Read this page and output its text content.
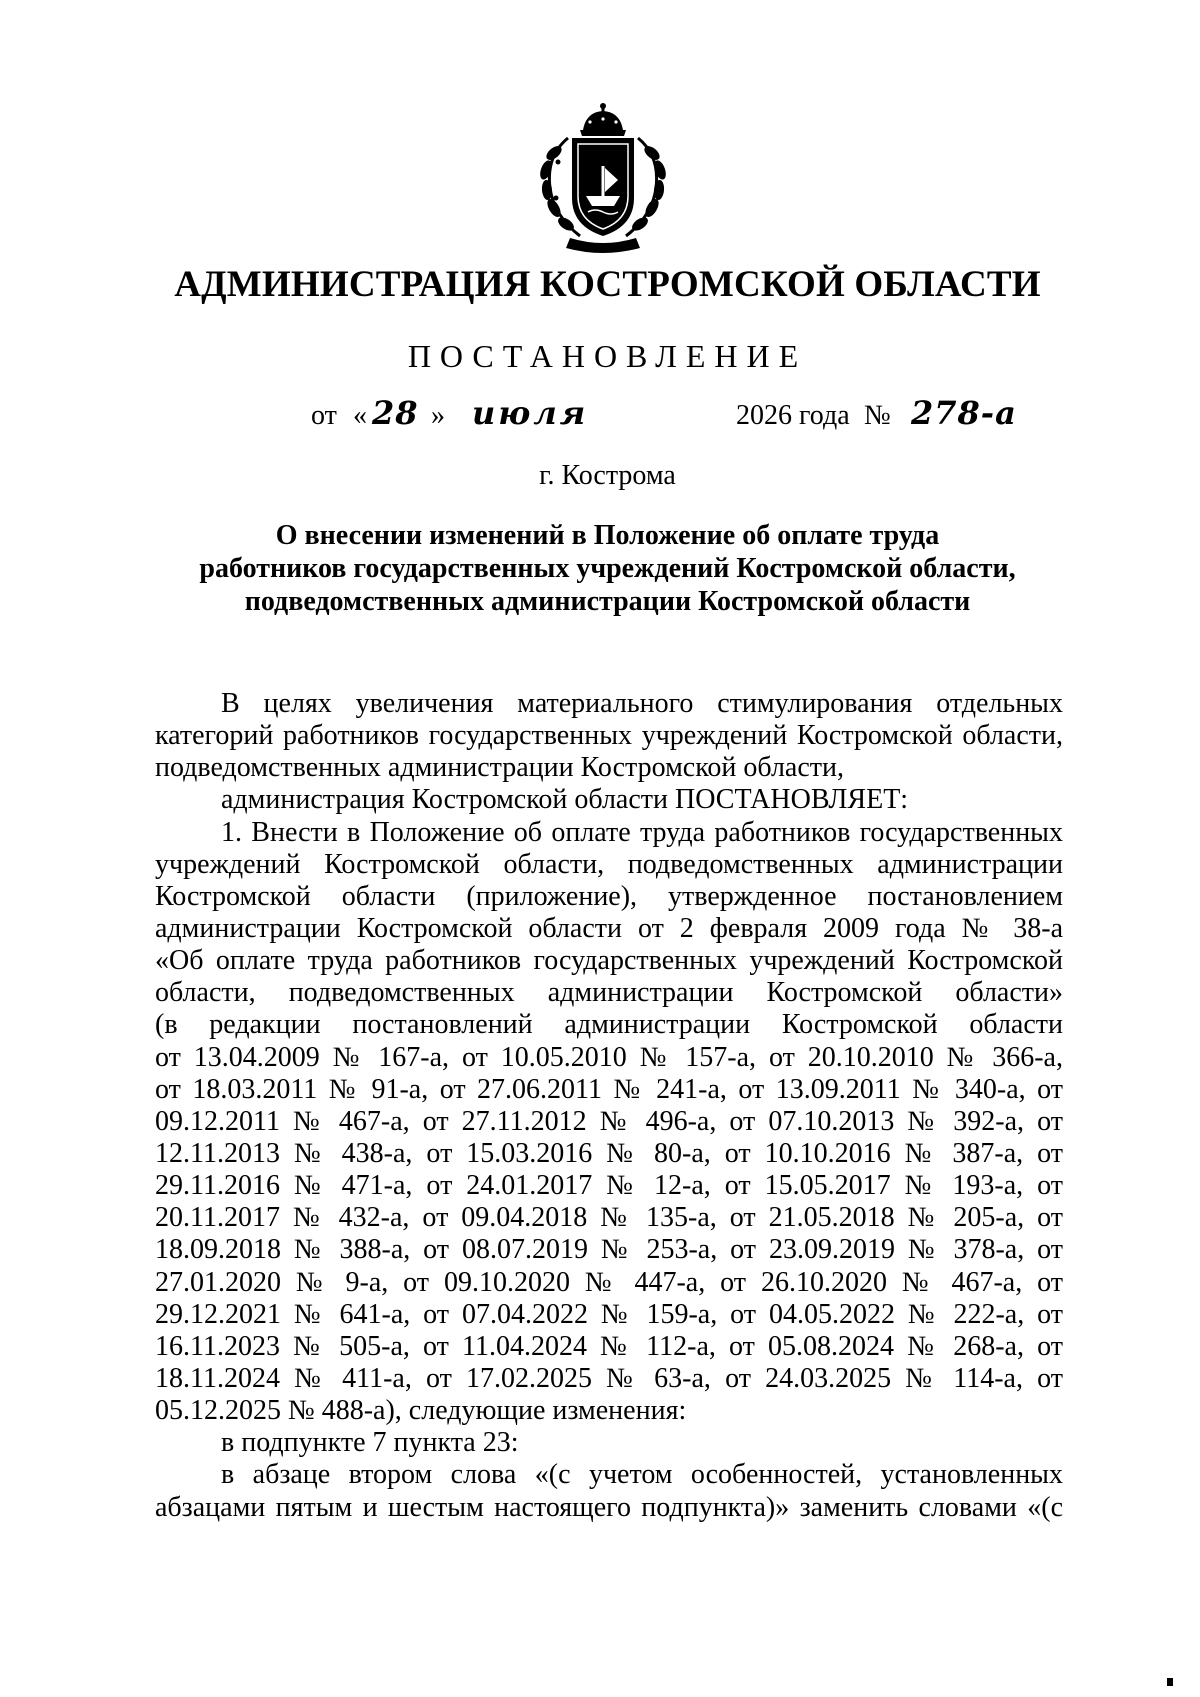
АДМИНИСТРАЦИЯ КОСТРОМСКОЙ ОБЛАСТИ
ПОСТАНОВЛЕНИЕ
от « 28 » июля	2026 года № 278-а
г. Кострома
О внесении изменений в Положение об оплате труда
работников государственных учреждений Костромской области,
подведомственных администрации Костромской области
В целях увеличения материального стимулирования отдельных
категорий работников государственных учреждений Костромской области,
подведомственных администрации Костромской области,
администрация Костромской области ПОСТАНОВЛЯЕТ:
1. Внести в Положение об оплате труда работников государственных
учреждений Костромской области, подведомственных администрации
Костромской области (приложение), утвержденное постановлением
администрации Костромской области от 2 февраля 2009 года № 38-а
«Об оплате труда работников государственных учреждений Костромской
области, подведомственных администрации Костромской области»
(в редакции постановлений администрации Костромской области
от 13.04.2009 № 167-а, от 10.05.2010 № 157-а, от 20.10.2010 № 366-а,
от 18.03.2011 № 91-а, от 27.06.2011 № 241-а, от 13.09.2011 № 340-а, от
09.12.2011 № 467-а, от 27.11.2012 № 496-а, от 07.10.2013 № 392-а, от
12.11.2013 № 438-а, от 15.03.2016 № 80-а, от 10.10.2016 № 387-а, от
29.11.2016 № 471-а, от 24.01.2017 № 12-а, от 15.05.2017 № 193-а, от
20.11.2017 № 432-а, от 09.04.2018 № 135-а, от 21.05.2018 № 205-а, от
18.09.2018 № 388-а, от 08.07.2019 № 253-а, от 23.09.2019 № 378-а, от
27.01.2020 № 9-а, от 09.10.2020 № 447-а, от 26.10.2020 № 467-а, от
29.12.2021 № 641-а, от 07.04.2022 № 159-а, от 04.05.2022 № 222-а, от
16.11.2023 № 505-а, от 11.04.2024 № 112-а, от 05.08.2024 № 268-а, от
18.11.2024 № 411-а, от 17.02.2025 № 63-а, от 24.03.2025 № 114-а, от
05.12.2025 № 488-а), следующие изменения:
в подпункте 7 пункта 23:
в абзаце втором слова «(с учетом особенностей, установленных
абзацами пятым и шестым настоящего подпункта)» заменить словами «(с
